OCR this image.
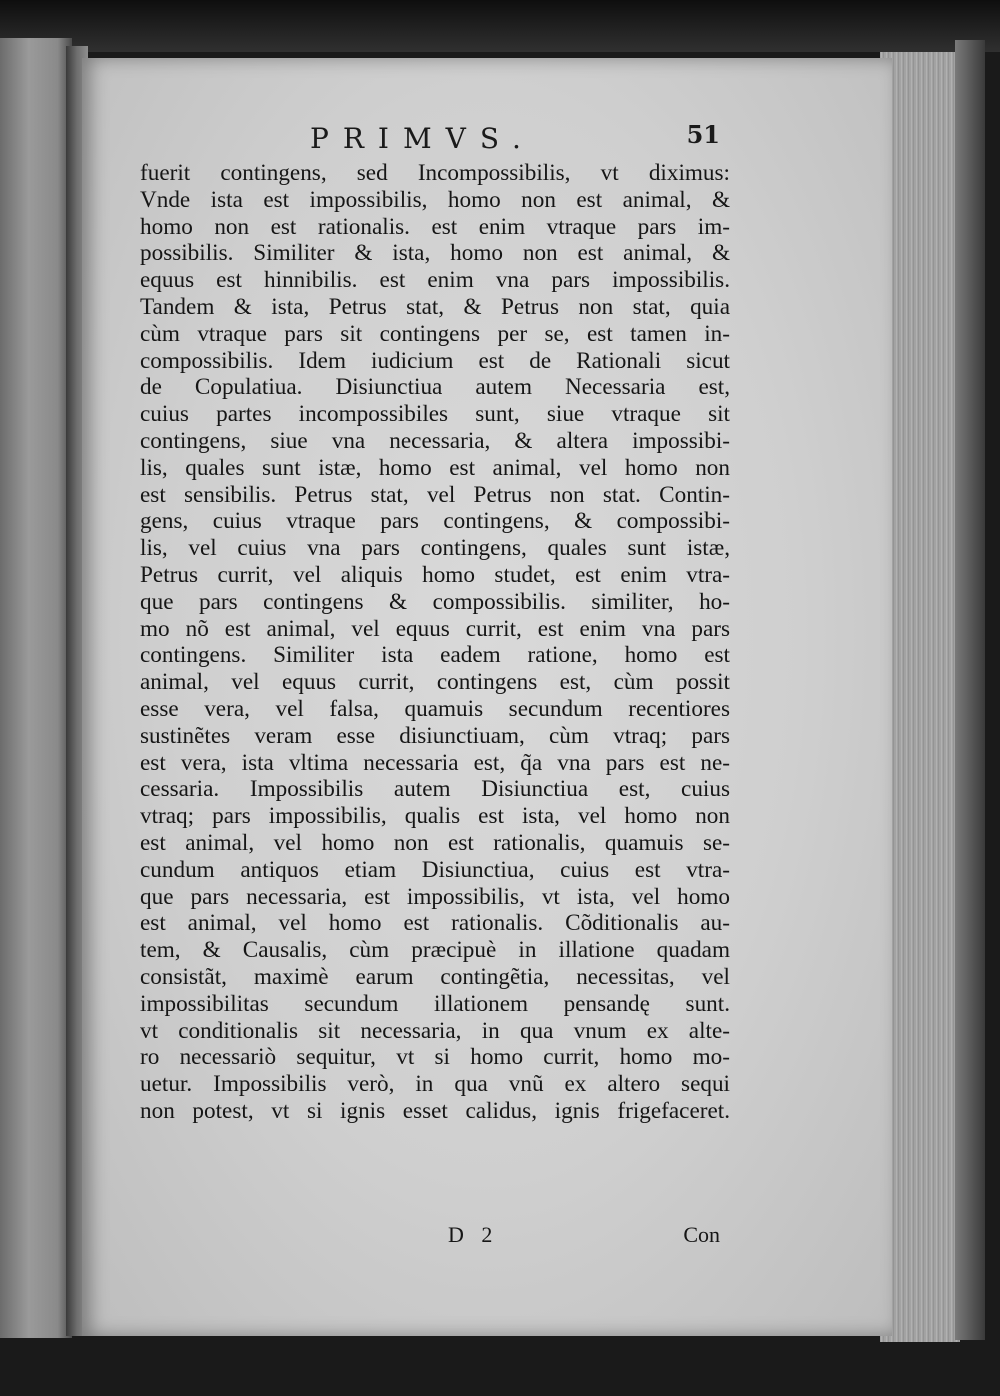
PRIMVS.	51
fuerit contingens, sed Incompossibilis, vt diximus:
Vnde ista est impossibilis, homo non est animal, &
homo non est rationalis. est enim vtraque pars im-
possibilis. Similiter & ista, homo non est animal, &
equus est hinnibilis. est enim vna pars impossibilis.
Tandem & ista, Petrus stat, & Petrus non stat, quia
cùm vtraque pars sit contingens per se, est tamen in-
compossibilis. Idem iudicium est de Rationali sicut
de Copulatiua. Disiunctiua autem Necessaria est,
cuius partes incompossibiles sunt, siue vtraque sit
contingens, siue vna necessaria, & altera impossibi-
lis, quales sunt istæ, homo est animal, vel homo non
est sensibilis. Petrus stat, vel Petrus non stat. Contin-
gens, cuius vtraque pars contingens, & compossibi-
lis, vel cuius vna pars contingens, quales sunt istæ,
Petrus currit, vel aliquis homo studet, est enim vtra-
que pars contingens & compossibilis. similiter, ho-
mo nõ est animal, vel equus currit, est enim vna pars
contingens. Similiter ista eadem ratione, homo est
animal, vel equus currit, contingens est, cùm possit
esse vera, vel falsa, quamuis secundum recentiores
sustinẽtes veram esse disiunctiuam, cùm vtraq; pars
est vera, ista vltima necessaria est, q̃a vna pars est ne-
cessaria. Impossibilis autem Disiunctiua est, cuius
vtraq; pars impossibilis, qualis est ista, vel homo non
est animal, vel homo non est rationalis, quamuis se-
cundum antiquos etiam Disiunctiua, cuius est vtra-
que pars necessaria, est impossibilis, vt ista, vel homo
est animal, vel homo est rationalis. Cõditionalis au-
tem, & Causalis, cùm præcipuè in illatione quadam
consistãt, maximè earum contingẽtia, necessitas, vel
impossibilitas secundum illationem pensandę sunt.
vt conditionalis sit necessaria, in qua vnum ex alte-
ro necessariò sequitur, vt si homo currit, homo mo-
uetur. Impossibilis verò, in qua vnũ ex altero sequi
non potest, vt si ignis esset calidus, ignis frigefaceret.
D 2	Con
